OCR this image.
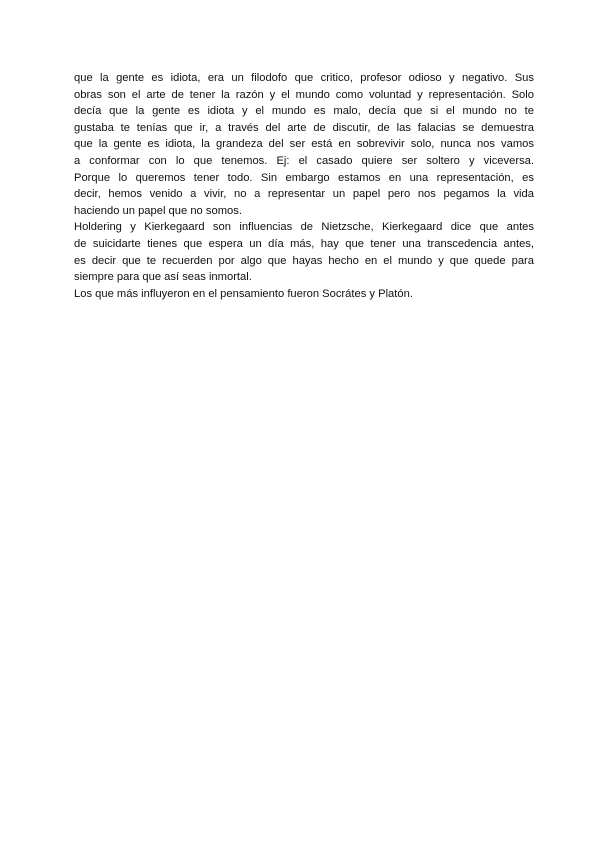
que la gente es idiota, era un filodofo que critico, profesor odioso y negativo. Sus
obras son el arte de tener la razón y el mundo como voluntad y representación. Solo
decía que la gente es idiota y el mundo es malo, decía que si el mundo no te
gustaba te tenías que ir, a través del arte de discutir, de las falacias se demuestra
que la gente es idiota, la grandeza del ser está en sobrevivir solo, nunca nos vamos
a conformar con lo que tenemos. Ej: el casado quiere ser soltero y viceversa.
Porque lo queremos tener todo. Sin embargo estamos en una representación, es
decir, hemos venido a vivir, no a representar un papel pero nos pegamos la vida
haciendo un papel que no somos.
Holdering y Kierkegaard son influencias de Nietzsche, Kierkegaard dice que antes
de suicidarte tienes que espera un día más, hay que tener una transcedencia antes,
es decir que te recuerden por algo que hayas hecho en el mundo y que quede para
siempre para que así seas inmortal.
Los que más influyeron en el pensamiento fueron Socrátes y Platón.
